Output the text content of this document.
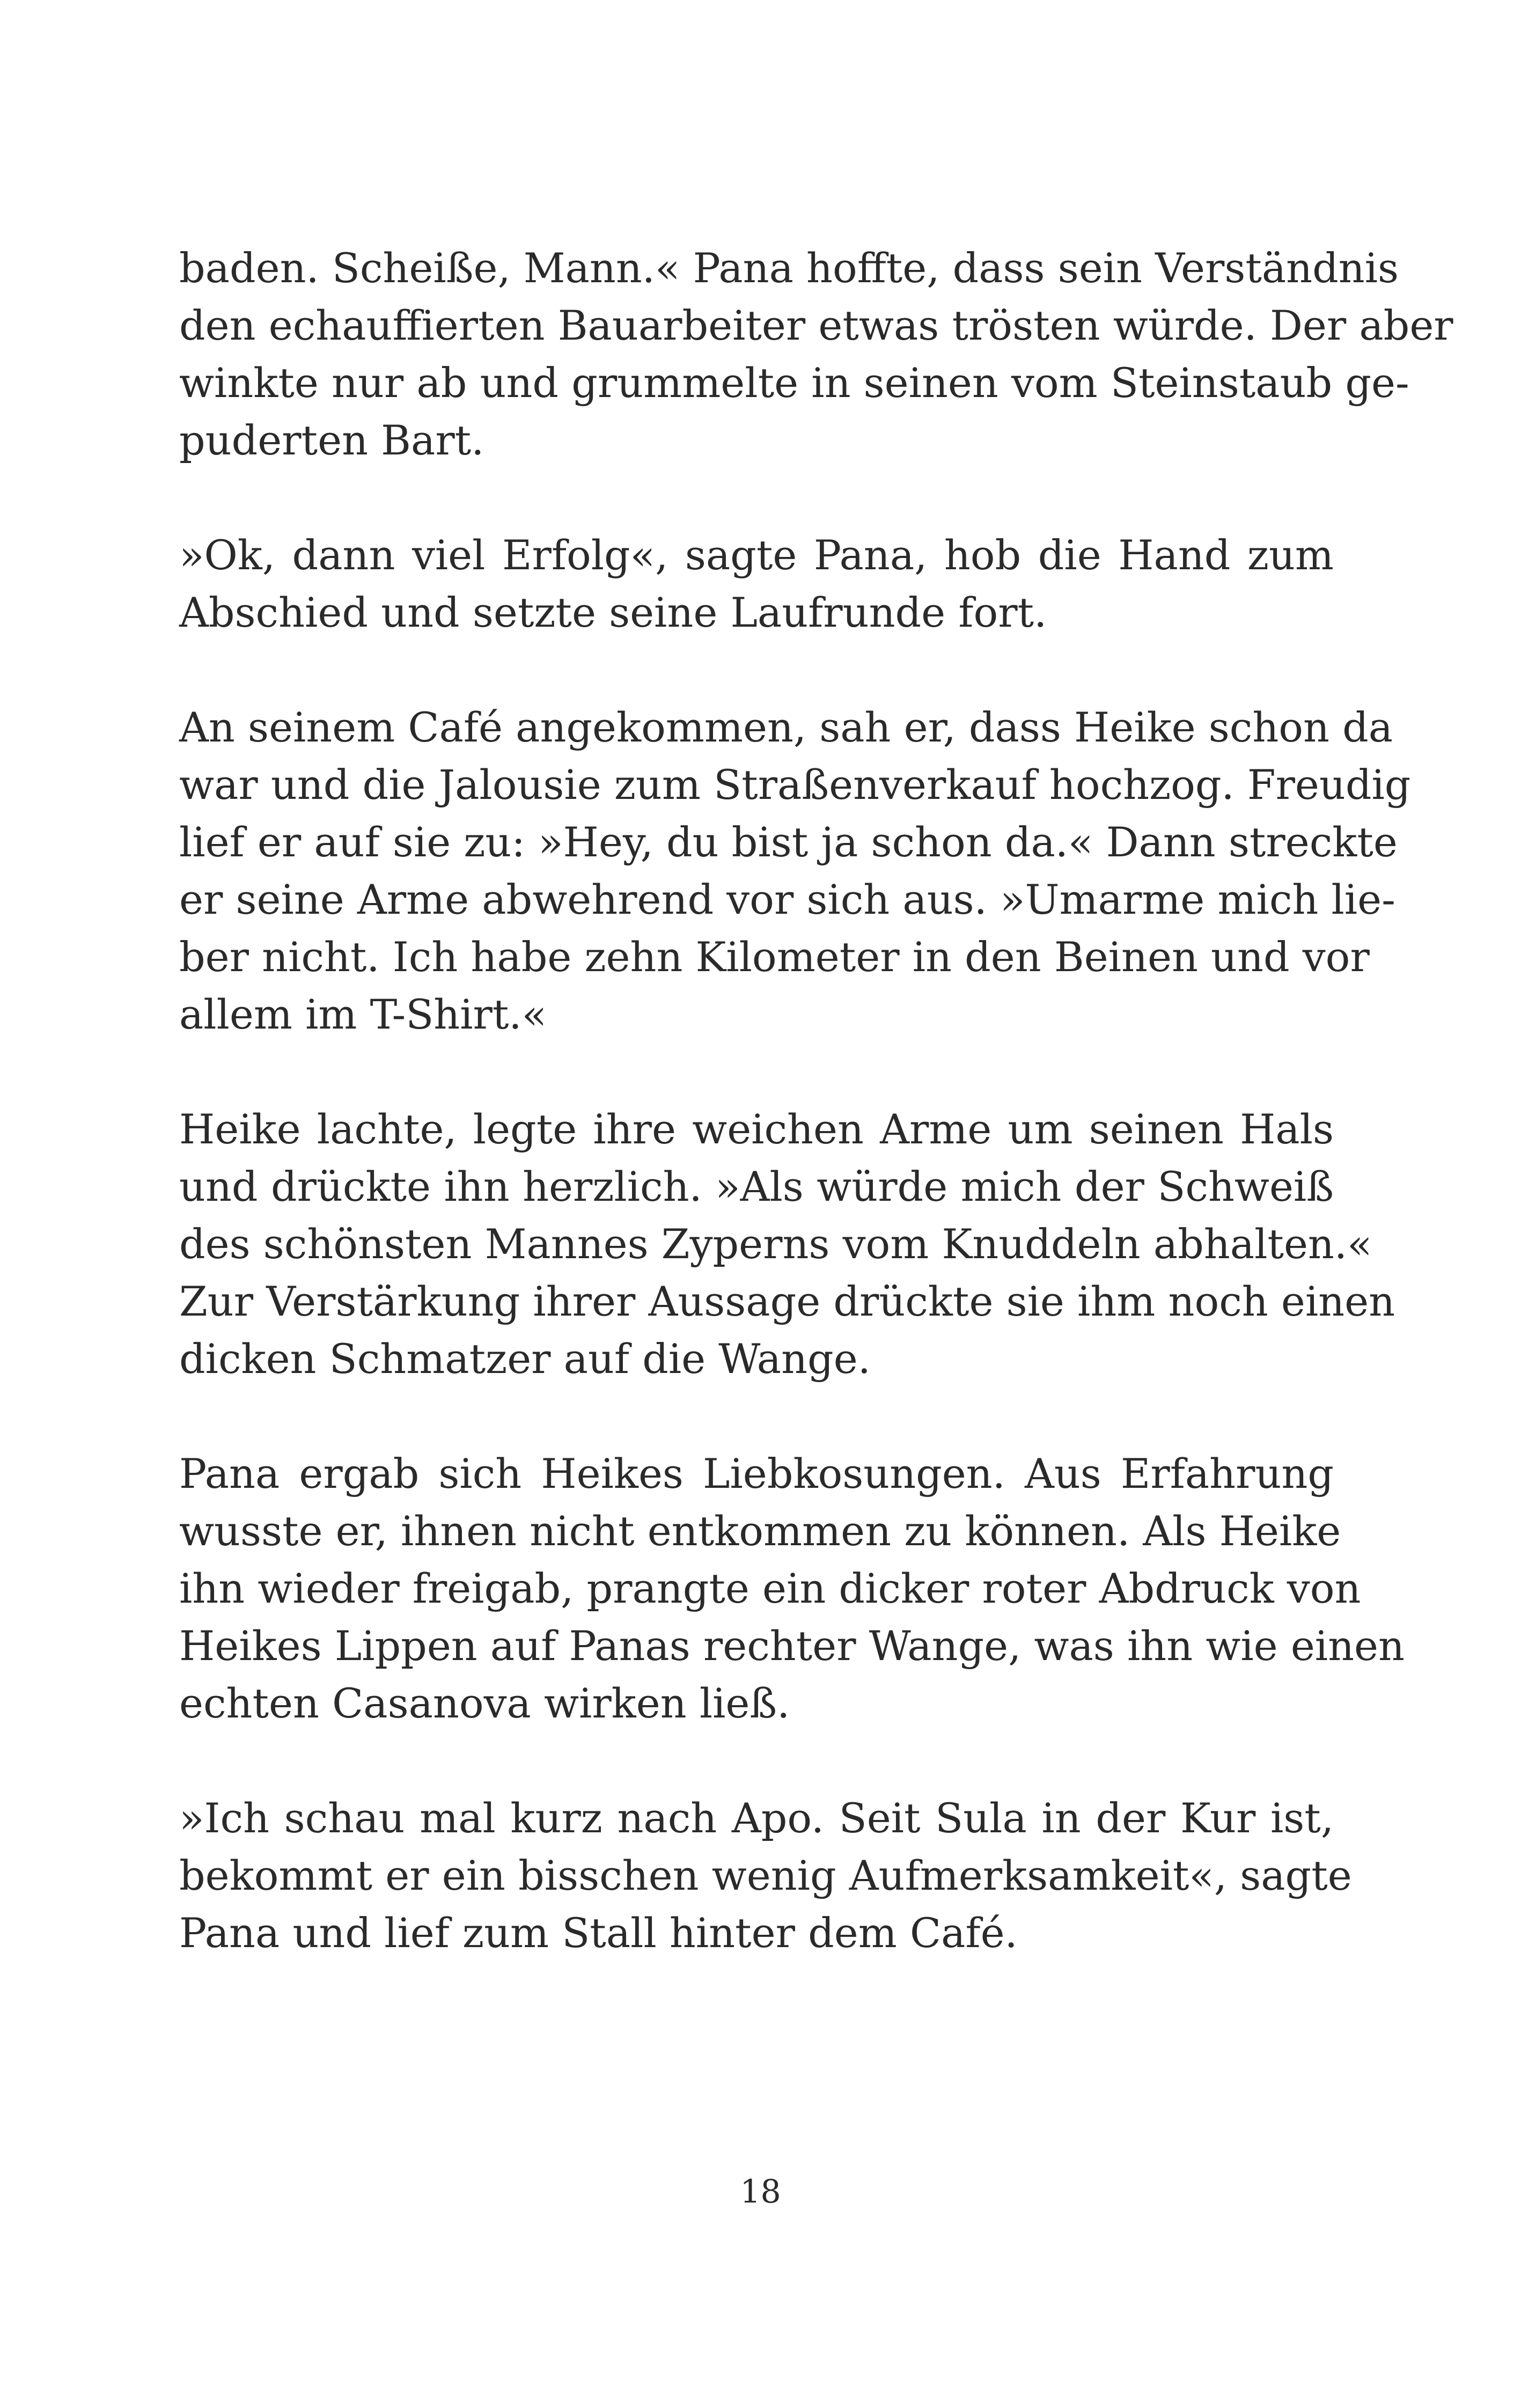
baden. Scheiße, Mann.« Pana hoffte, dass sein Verständnis
den echauffierten Bauarbeiter etwas trösten würde. Der aber
winkte nur ab und grummelte in seinen vom Steinstaub ge-
puderten Bart.
»Ok, dann viel Erfolg«, sagte Pana, hob die Hand zum
Abschied und setzte seine Laufrunde fort.
An seinem Café angekommen, sah er, dass Heike schon da
war und die Jalousie zum Straßenverkauf hochzog. Freudig
lief er auf sie zu: »Hey, du bist ja schon da.« Dann streckte
er seine Arme abwehrend vor sich aus. »Umarme mich lie-
ber nicht. Ich habe zehn Kilometer in den Beinen und vor
allem im T-Shirt.«
Heike lachte, legte ihre weichen Arme um seinen Hals
und drückte ihn herzlich. »Als würde mich der Schweiß
des schönsten Mannes Zyperns vom Knuddeln abhalten.«
Zur Verstärkung ihrer Aussage drückte sie ihm noch einen
dicken Schmatzer auf die Wange.
Pana ergab sich Heikes Liebkosungen. Aus Erfahrung
wusste er, ihnen nicht entkommen zu können. Als Heike
ihn wieder freigab, prangte ein dicker roter Abdruck von
Heikes Lippen auf Panas rechter Wange, was ihn wie einen
echten Casanova wirken ließ.
»Ich schau mal kurz nach Apo. Seit Sula in der Kur ist,
bekommt er ein bisschen wenig Aufmerksamkeit«, sagte
Pana und lief zum Stall hinter dem Café.
18
